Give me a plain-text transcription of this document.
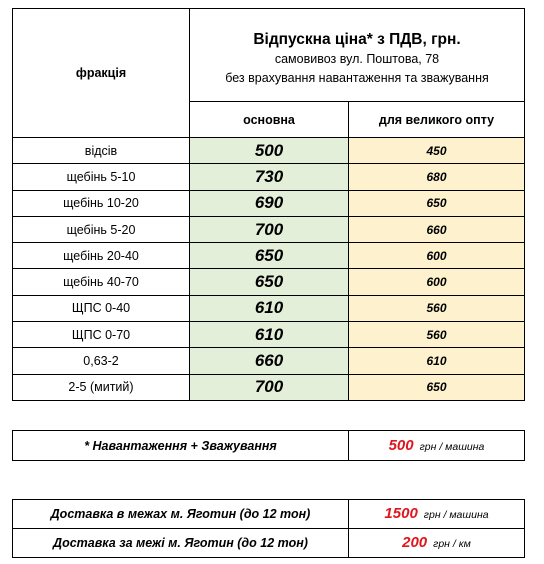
фракція	Відпускна ціна* з ПДВ, грн.
самовивоз вул. Поштова, 78
без врахування навантаження та зважування	

	основна	для великого опту
відсів	500	450
щебінь 5-10	730	680
щебінь 10-20	690	650
щебінь 5-20	700	660
щебінь 20-40	650	600
щебінь 40-70	650	600
ЩПС 0-40	610	560
ЩПС 0-70	610	560
0,63-2	660	610
2-5 (митий)	700	650
* Навантаження + Зважування	500 грн / машина
Доставка в межах м. Яготин (до 12 тон)	1500 грн / машина
Доставка за межі м. Яготин (до 12 тон)	200 грн / км
